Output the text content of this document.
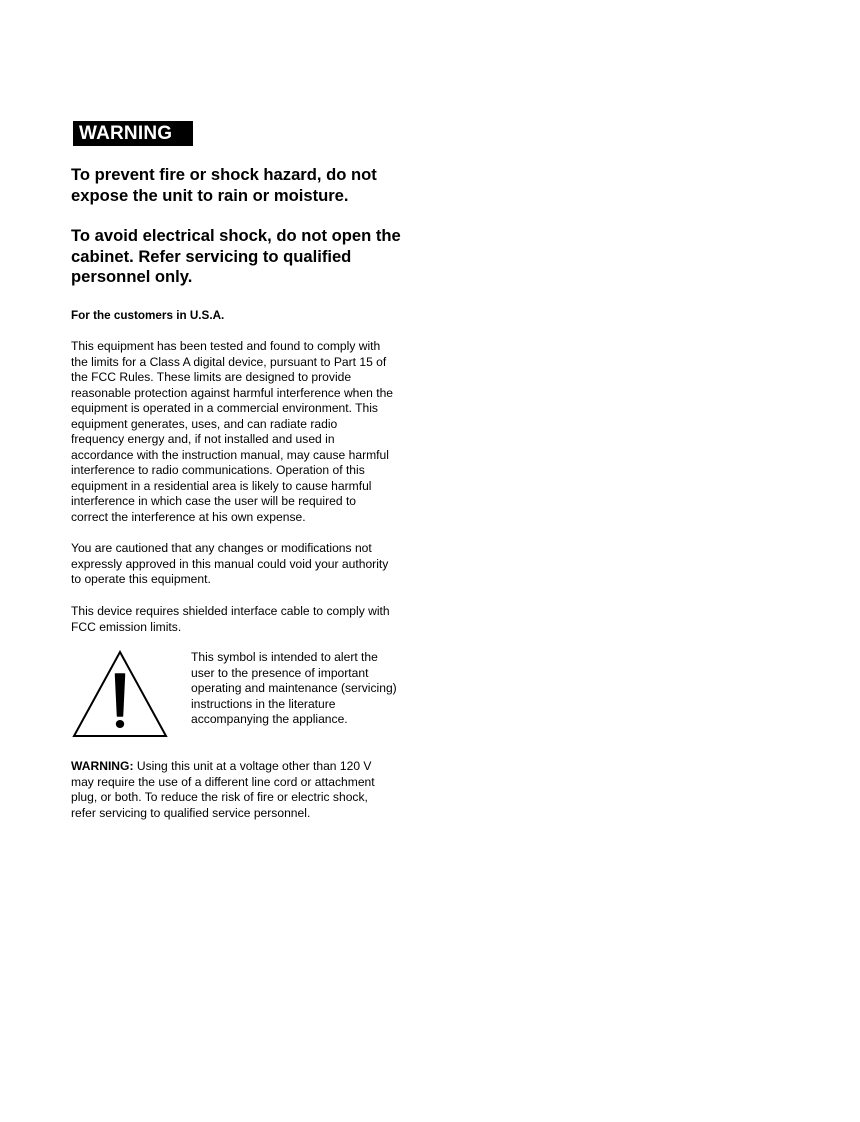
WARNING
To prevent fire or shock hazard, do not
expose the unit to rain or moisture.
To avoid electrical shock, do not open the
cabinet. Refer servicing to qualified
personnel only.
For the customers in U.S.A.
This equipment has been tested and found to comply with
the limits for a Class A digital device, pursuant to Part 15 of
the FCC Rules. These limits are designed to provide
reasonable protection against harmful interference when the
equipment is operated in a commercial environment. This
equipment generates, uses, and can radiate radio
frequency energy and, if not installed and used in
accordance with the instruction manual, may cause harmful
interference to radio communications. Operation of this
equipment in a residential area is likely to cause harmful
interference in which case the user will be required to
correct the interference at his own expense.
You are cautioned that any changes or modifications not
expressly approved in this manual could void your authority
to operate this equipment.
This device requires shielded interface cable to comply with
FCC emission limits.
This symbol is intended to alert the
user to the presence of important
operating and maintenance (servicing)
instructions in the literature
accompanying the appliance.
WARNING: Using this unit at a voltage other than 120 V
may require the use of a different line cord or attachment
plug, or both. To reduce the risk of fire or electric shock,
refer servicing to qualified service personnel.
